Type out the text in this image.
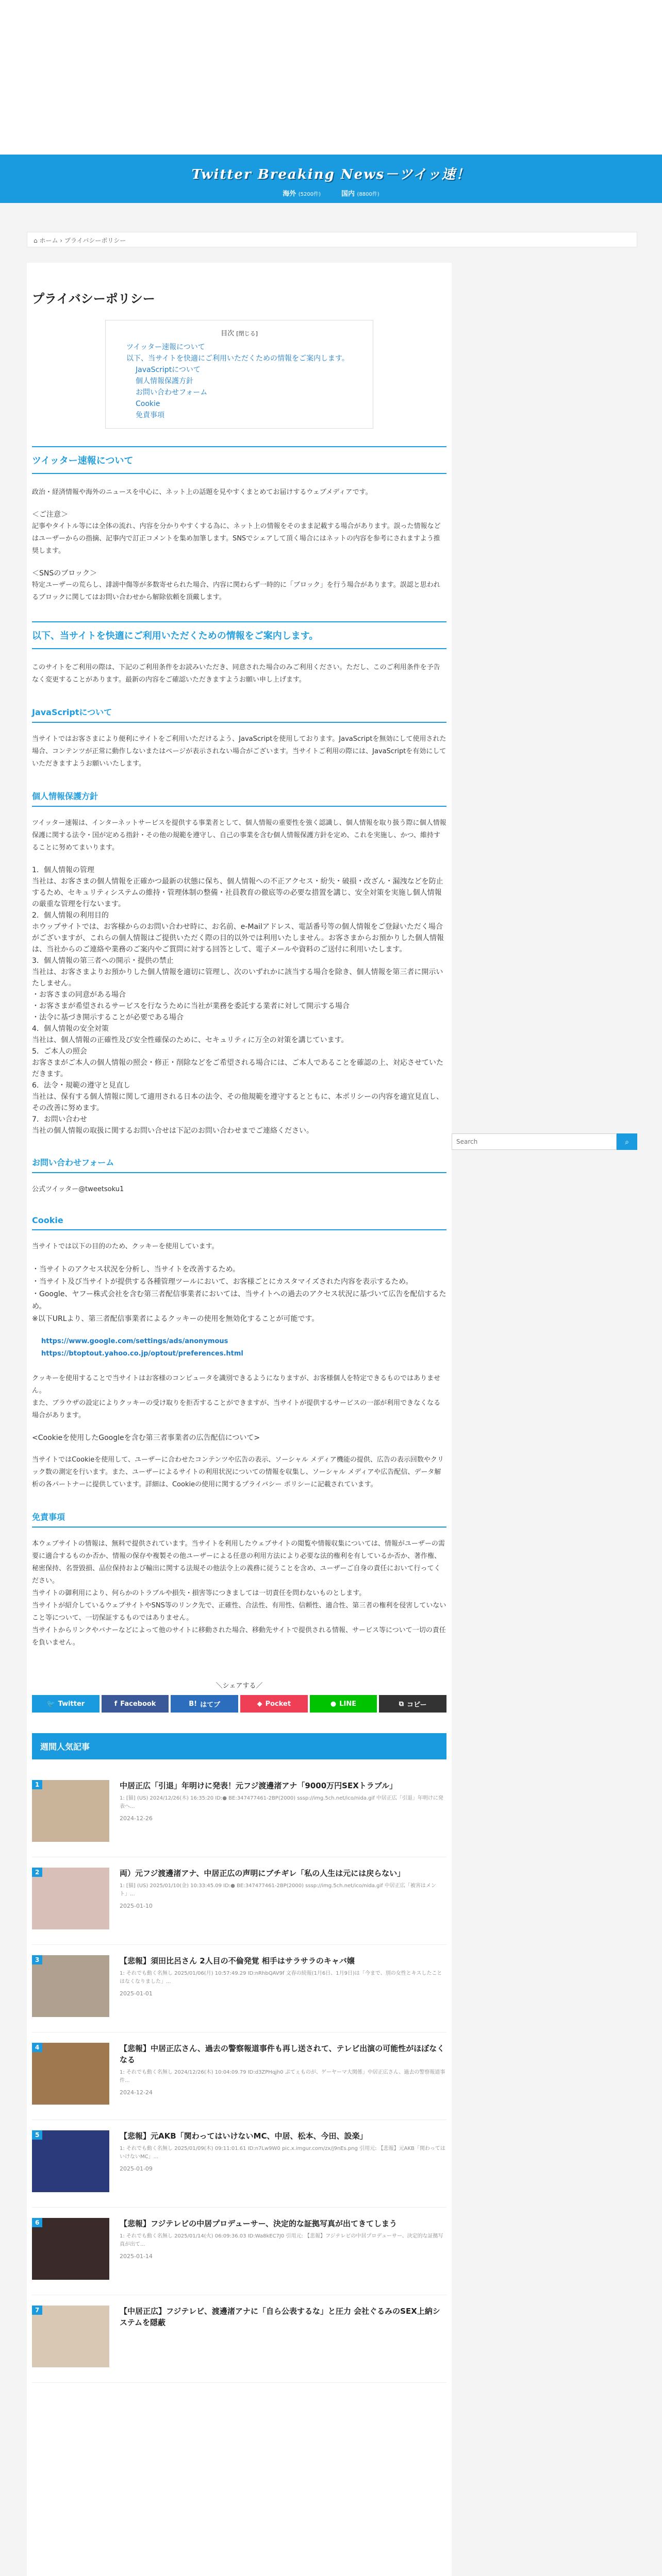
Twitter Breaking News－ツイッ速！
海外 (5200件)	国内 (8800件)
⌂ ホーム › プライバシーポリシー
プライバシーポリシー
目次 [閉じる]
ツイッター速報について
以下、当サイトを快適にご利用いただくための情報をご案内します。
JavaScriptについて
個人情報保護方針
お問い合わせフォーム
Cookie
免責事項
ツイッター速報について

政治・経済情報や海外のニュースを中心に、ネット上の話題を見やすくまとめてお届けするウェブメディアです。

＜ご注意＞

記事やタイトル等には全体の流れ、内容を分かりやすくする為に、ネット上の情報をそのまま記載する場合があります。誤った情報などはユーザーからの指摘、記事内で訂正コメントを集め加筆します。SNSでシェアして頂く場合にはネットの内容を参考にされますよう推奨します。

＜SNSのブロック＞

特定ユーザーの荒らし、誹謗中傷等が多数寄せられた場合、内容に関わらず一時的に「ブロック」を行う場合があります。誤認と思われるブロックに関してはお問い合わせから解除依頼を頂戴します。

以下、当サイトを快適にご利用いただくための情報をご案内します。

このサイトをご利用の際は、下記のご利用条件をお読みいただき、同意された場合のみご利用ください。ただし、このご利用条件を予告なく変更することがあります。最新の内容をご確認いただきますようお願い申し上げます。

JavaScriptについて

当サイトではお客さまにより便利にサイトをご利用いただけるよう、JavaScriptを使用しております。JavaScriptを無効にして使用された場合、コンテンツが正常に動作しないまたはページが表示されない場合がございます。当サイトご利用の際には、JavaScriptを有効にしていただきますようお願いいたします。

個人情報保護方針

ツイッター速報は、インターネットサービスを提供する事業者として、個人情報の重要性を強く認識し、個人情報を取り扱う際に個人情報保護に関する法令・国が定める指針・その他の規範を遵守し、自己の事業を含む個人情報保護方針を定め、これを実施し、かつ、維持することに努めてまいります。

1．個人情報の管理

当社は、お客さまの個人情報を正確かつ最新の状態に保ち、個人情報への不正アクセス・紛失・破損・改ざん・漏洩などを防止するため、セキュリティシステムの維持・管理体制の整備・社員教育の徹底等の必要な措置を講じ、安全対策を実施し個人情報の厳重な管理を行ないます。

2．個人情報の利用目的

ホウップサイトでは、お客様からのお問い合わせ時に、お名前、e-Mailアドレス、電話番号等の個人情報をご登録いただく場合がございますが、これらの個人情報はご提供いただく際の目的以外では利用いたしません。お客さまからお預かりした個人情報は、当社からのご連絡や業務のご案内やご質問に対する回答として、電子メールや資料のご送付に利用いたします。

3．個人情報の第三者への開示・提供の禁止

当社は、お客さまよりお預かりした個人情報を適切に管理し、次のいずれかに該当する場合を除き、個人情報を第三者に開示いたしません。

・お客さまの同意がある場合

・お客さまが希望されるサービスを行なうために当社が業務を委託する業者に対して開示する場合

・法令に基づき開示することが必要である場合

4．個人情報の安全対策

当社は、個人情報の正確性及び安全性確保のために、セキュリティに万全の対策を講じています。

5．ご本人の照会

お客さまがご本人の個人情報の照会・修正・削除などをご希望される場合には、ご本人であることを確認の上、対応させていただきます。

6．法令・規範の遵守と見直し

当社は、保有する個人情報に関して適用される日本の法令、その他規範を遵守するとともに、本ポリシーの内容を適宜見直し、その改善に努めます。

7．お問い合わせ

当社の個人情報の取扱に関するお問い合せは下記のお問い合わせまでご連絡ください。

お問い合わせフォーム

公式ツイッター@tweetsoku1

Cookie

当サイトでは以下の目的のため、クッキーを使用しています。

・当サイトのアクセス状況を分析し、当サイトを改善するため。
・当サイト及び当サイトが提供する各種管理ツールにおいて、お客様ごとにカスタマイズされた内容を表示するため。
・Google、ヤフー株式会社を含む第三者配信事業者においては、当サイトへの過去のアクセス状況に基づいて広告を配信するため。
※以下URLより、第三者配信事業者によるクッキーの使用を無効化することが可能です。
https://www.google.com/settings/ads/anonymous
https://btoptout.yahoo.co.jp/optout/preferences.html

クッキーを使用することで当サイトはお客様のコンピュータを識別できるようになりますが、お客様個人を特定できるものではありません。
また、ブラウザの設定によりクッキーの受け取りを拒否することができますが、当サイトが提供するサービスの一部が利用できなくなる場合があります。

<Cookieを使用したGoogleを含む第三者事業者の広告配信について>

当サイトではCookieを使用して、ユーザーに合わせたコンテンツや広告の表示、ソーシャル メディア機能の提供、広告の表示回数やクリック数の測定を行います。また、ユーザーによるサイトの利用状況についての情報を収集し、ソーシャル メディアや広告配信、データ解析の各パートナーに提供しています。詳細は、Cookieの使用に関するプライバシー ポリシーに記載されています。

免責事項

本ウェブサイトの情報は、無料で提供されています。当サイトを利用したウェブサイトの閲覧や情報収集については、情報がユーザーの需要に適合するものか否か、情報の保存や複製その他ユーザーによる任意の利用方法により必要な法的権利を有しているか否か、著作権、秘密保持、名誉毀損、品位保持および輸出に関する法規その他法令上の義務に従うことを含め、ユーザーご自身の責任において行ってください。
当サイトの御利用により、何らかのトラブルや損失・損害等につきましては一切責任を問わないものとします。
当サイトが紹介しているウェブサイトやSNS等のリンク先で、正確性、合法性、有用性、信頼性、適合性、第三者の権利を侵害していないこと等について、一切保証するものではありません。
当サイトからリンクやバナーなどによって他のサイトに移動された場合、移動先サイトで提供される情報、サービス等について一切の責任を負いません。

＼シェアする／
🐦 Twitter	f Facebook	B! はてブ	◆ Pocket	● LINE	⧉ コピー
週間人気記事
1	中居正広「引退」年明けに発表！元フジ渡邊渚アナ「9000万円SEXトラブル」
1: [猫] (US) 2024/12/26(木) 16:35:20 ID:● BE:347477461-2BP(2000) sssp://img.5ch.net/ico/nida.gif 中居正広「引退」年明けに発表へ...
2024-12-26
2	両）元フジ渡邊渚アナ、中居正広の声明にブチギレ「私の人生は元には戻らない」
1: [猫] (US) 2025/01/10(金) 10:33:45.09 ID:● BE:347477461-2BP(2000) sssp://img.5ch.net/ico/nida.gif 中居正広「被害はメント」...
2025-01-10
3	【悲報】須田比呂さん 2人目の不倫発覚 相手はサラサラのキャバ嬢
1: それでも動く名無し 2025/01/06(月) 10:57:49.29 ID:nRhbQAV9f 文春の続報(1月6日、1月9日)は「今まで、別の女性とキスしたことはなくなりました」...
2025-01-01
4	【悲報】中居正広さん、過去の警察報道事件も再し送されて、テレビ出演の可能性がほぼなくなる
1: それでも動く名無し 2024/12/26(木) 10:04:09.79 ID:d3ZPHqjh0 ぷてぇものが、ゲーヤーマ大関係」中居正広さん、過去の警察報道事件...
2024-12-24
5	【悲報】元AKB「関わってはいけないMC、中居、松本、今田、設楽」
1: それでも動く名無し 2025/01/09(木) 09:11:01.61 ID:n7Lw9W0 pic.x.imgur.com/zx/j9nEs.png 引用元: 【悲報】元AKB「関わってはいけないMC」...
2025-01-09
6	【悲報】フジテレビの中居プロデューサー、決定的な証拠写真が出てきてしまう
1: それでも動く名無し 2025/01/14(火) 06:09:36.03 ID:Wa8kEC7J0 引用元: 【悲報】フジテレビの中居プロデューサー、決定的な証拠写真が出て...
2025-01-14
7	【中居正広】フジテレビ、渡邊渚アナに「自ら公表するな」と圧力 会社ぐるみのSEX上納システムを隠蔽
Search
⌕
